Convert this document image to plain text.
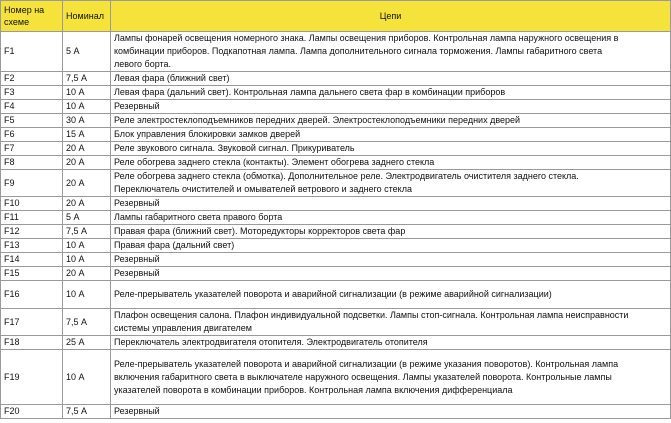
Номер на схеме	Номинал	Цепи
F1	5 А	Лампы фонарей освещения номерного знака. Лампы освещения приборов. Контрольная лампа наружного освещения в
комбинации приборов. Подкапотная лампа. Лампа дополнительного сигнала торможения. Лампы габаритного света
левого борта.
F2	7,5 А	Левая фара (ближний свет)
F3	10 А	Левая фара (дальний свет). Контрольная лампа дальнего света фар в комбинации приборов
F4	10 А	Резервный
F5	30 А	Реле электростеклоподъемников передних дверей. Электростеклоподъемники передних дверей
F6	15 А	Блок управления блокировки замков дверей
F7	20 А	Реле звукового сигнала. Звуковой сигнал. Прикуриватель
F8	20 А	Реле обогрева заднего стекла (контакты). Элемент обогрева заднего стекла
F9	20 А	Реле обогрева заднего стекла (обмотка). Дополнительное реле. Электродвигатель очистителя заднего стекла.
Переключатель очистителей и омывателей ветрового и заднего стекла
F10	20 А	Резервный
F11	5 А	Лампы габаритного света правого борта
F12	7,5 А	Правая фара (ближний свет). Моторедукторы корректоров света фар
F13	10 А	Правая фара (дальний свет)
F14	10 А	Резервный
F15	20 А	Резервный
F16	10 А	Реле-прерыватель указателей поворота и аварийной сигнализации (в режиме аварийной сигнализации)
F17	7,5 А	Плафон освещения салона. Плафон индивидуальной подсветки. Лампы стоп-сигнала. Контрольная лампа неисправности
системы управления двигателем
F18	25 А	Переключатель электродвигателя отопителя. Электродвигатель отопителя
F19	10 А	Реле-прерыватель указателей поворота и аварийной сигнализации (в режиме указания поворотов). Контрольная лампа
включения габаритного света в выключателе наружного освещения. Лампы указателей поворота. Контрольные лампы
указателей поворота в комбинации приборов. Контрольная лампа включения дифференциала
F20	7,5 А	Резервный
